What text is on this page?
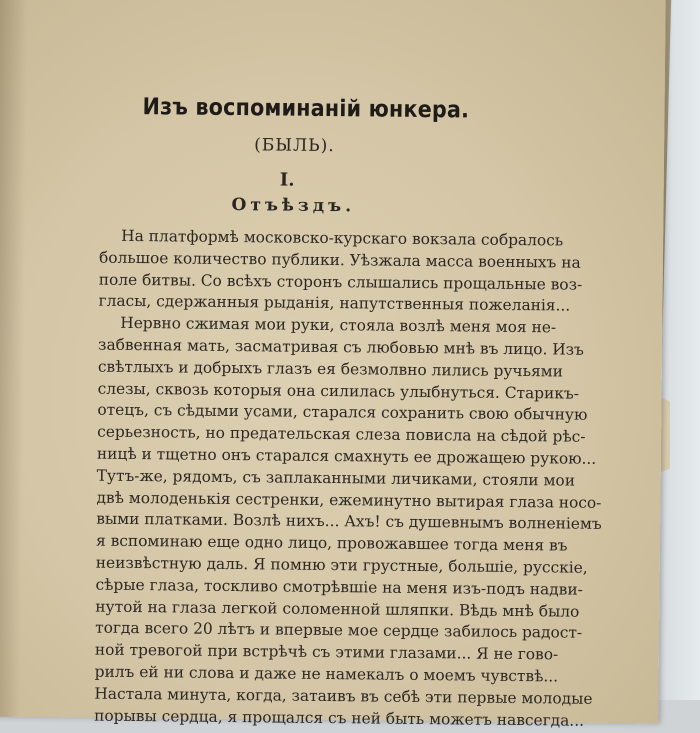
Изъ воспоминаній юнкера.
(БЫЛЬ).
I.
Отъѣздъ.
На платформѣ московско-курскаго вокзала собралось
большое количество публики. Уѣзжала масса военныхъ на
поле битвы. Со всѣхъ сторонъ слышались прощальные воз-
гласы, сдержанныя рыданія, напутственныя пожеланія...
Нервно сжимая мои руки, стояла возлѣ меня моя не-
забвенная мать, засматривая съ любовью мнѣ въ лицо. Изъ
свѣтлыхъ и добрыхъ глазъ ея безмолвно лились ручьями
слезы, сквозь которыя она силилась улыбнуться. Старикъ-
отецъ, съ сѣдыми усами, старался сохранить свою обычную
серьезность, но предательская слеза повисла на сѣдой рѣс-
ницѣ и тщетно онъ старался смахнуть ее дрожащею рукою...
Тутъ-же, рядомъ, съ заплаканными личиками, стояли мои
двѣ молоденькія сестренки, ежеминутно вытирая глаза носо-
выми платками. Возлѣ нихъ... Ахъ! съ душевнымъ волненіемъ
я вспоминаю еще одно лицо, провожавшее тогда меня въ
неизвѣстную даль. Я помню эти грустные, большіе, русскіе,
сѣрые глаза, тоскливо смотрѣвшіе на меня изъ-подъ надви-
нутой на глаза легкой соломенной шляпки. Вѣдь мнѣ было
тогда всего 20 лѣтъ и впервые мое сердце забилось радост-
ной тревогой при встрѣчѣ съ этими глазами... Я не гово-
рилъ ей ни слова и даже не намекалъ о моемъ чувствѣ...
Настала минута, когда, затаивъ въ себѣ эти первые молодые
порывы сердца, я прощался съ ней быть можетъ навсегда...
